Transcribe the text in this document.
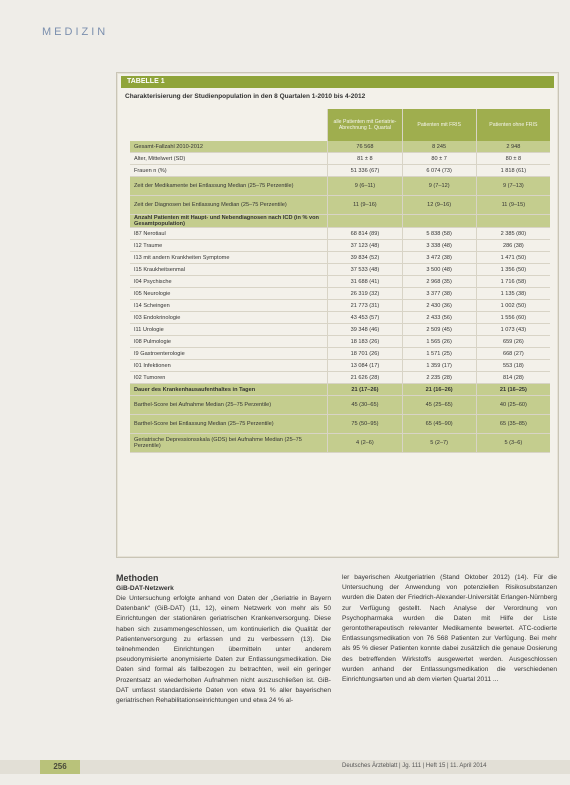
MEDIZIN
TABELLE 1
Charakterisierung der Studienpopulation in den 8 Quartalen 1-2010 bis 4-2012
	alle Patienten mit Geriatrie-Abrechnung 1. Quartal	Patienten mit FRIS	Patienten ohne FRIS
Gesamt-Fallzahl 2010-2012	76 568	8 245	2 948
Alter, Mittelwert (SD)	81 ± 8	80 ± 7	80 ± 8
Frauen n (%)	51 336 (67)	6 074 (73)	1 818 (61)
Zeit der Medikamente bei Entlassung Median (25–75 Perzentile)	9 (6–11)	9 (7–12)	9 (7–13)
Zeit der Diagnosen bei Entlassung Median (25–75 Perzentile)	11 (9–16)	12 (9–16)	11 (9–15)
Anzahl Patienten mit Haupt- und Nebendiagnosen nach ICD (in % von Gesamtpopulation)			
I87 Nerotiaul	68 814 (89)	5 838 (58)	2 385 (80)
I12 Traume	37 123 (48)	3 338 (48)	286 (38)
I13 mit andern Krankheiten Symptome	39 834 (52)	3 472 (38)	1 471 (50)
I15 Kraukheitsenmal	37 533 (48)	3 500 (48)	1 356 (50)
I04 Psychische	31 688 (41)	2 968 (35)	1 716 (58)
I05 Neurologie	26 319 (32)	3 377 (38)	1 135 (38)
I14 Scheingen	21 773 (31)	2 430 (36)	1 002 (50)
I03 Endokrinologie	43 453 (57)	2 433 (56)	1 556 (60)
I11 Urologie	39 348 (46)	2 509 (45)	1 073 (43)
I08 Pulmologie	18 183 (26)	1 565 (26)	659 (26)
I9 Gastroenterologie	18 701 (26)	1 571 (25)	668 (27)
I01 Infektionen	13 084 (17)	1 359 (17)	553 (18)
I02 Tumoren	21 626 (28)	2 235 (28)	814 (28)
Dauer des Krankenhausaufenthaltes in Tagen	21 (17–26)	21 (16–26)	21 (16–25)
Barthel-Score bei Aufnahme Median (25–75 Perzentile)	45 (30–65)	45 (25–65)	40 (25–60)
Barthel-Score bei Entlassung Median (25–75 Perzentile)	75 (50–95)	65 (45–90)	65 (35–85)
Geriatrische Depressionsskala (GDS) bei Aufnahme Median (25–75 Perzentile)	4 (2–6)	5 (2–7)	5 (3–6)
Methoden
GiB-DAT-Netzwerk

Die Untersuchung erfolgte anhand von Daten der „Geriatrie in Bayern Datenbank“ (GiB-DAT) (11, 12), einem Netzwerk von mehr als 50 Einrichtungen der stationären geriatrischen Krankenversorgung. Diese haben sich zusammengeschlossen, um kontinuierlich die Qualität der Patientenversorgung zu erfassen und zu verbessern (13). Die teilnehmenden Einrichtungen übermitteln unter anderem pseudonymisierte anonymisierte Daten zur Entlassungsmedikation. Die Daten sind formal als fallbezogen zu betrachten, weil ein geringer Prozentsatz an wiederholten Aufnahmen nicht auszuschließen ist. GiB-DAT umfasst standardisierte Daten von etwa 91 % aller bayerischen geriatrischen Rehabilitationseinrichtungen und etwa 24 % al-

ler bayerischen Akutgeriatrien (Stand Oktober 2012) (14). Für die Untersuchung der Anwendung von potenziellen Risikosubstanzen wurden die Daten der Friedrich-Alexander-Universität Erlangen-Nürnberg zur Verfügung gestellt. Nach Analyse der Verordnung von Psychopharmaka wurden die Daten mit Hilfe der Liste gerontotherapeutisch relevanter Medikamente bewertet. ATC-codierte Entlassungsmedikation von 76 568 Patienten zur Verfügung. Bei mehr als 95 % dieser Patienten konnte dabei zusätzlich die genaue Dosierung des betreffenden Wirkstoffs ausgewertet werden. Ausgeschlossen wurden anhand der Entlassungsmedikation die verschiedenen Einrichtungsarten und ab dem vierten Quartal 2011 ...

256	Deutsches Ärzteblatt | Jg. 111 | Heft 15 | 11. April 2014
